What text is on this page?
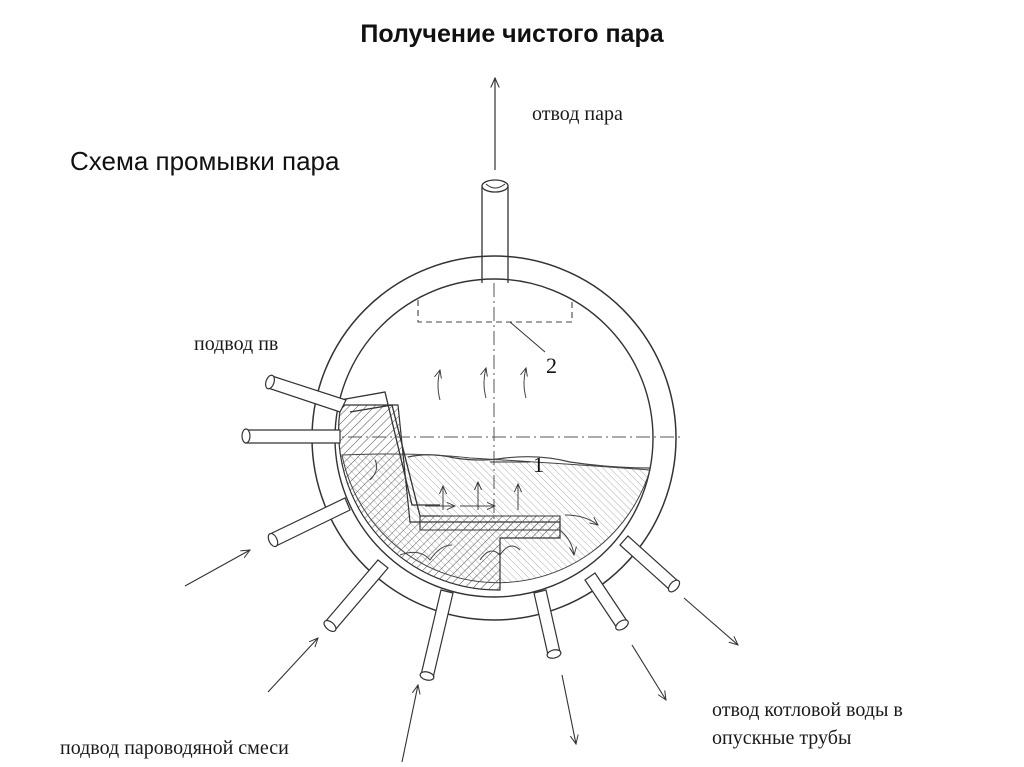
Получение чистого пара
Схема промывки пара
отвод пара
подвод пв
подвод пароводяной смеси
отвод котловой воды в
опускные трубы
2
1
